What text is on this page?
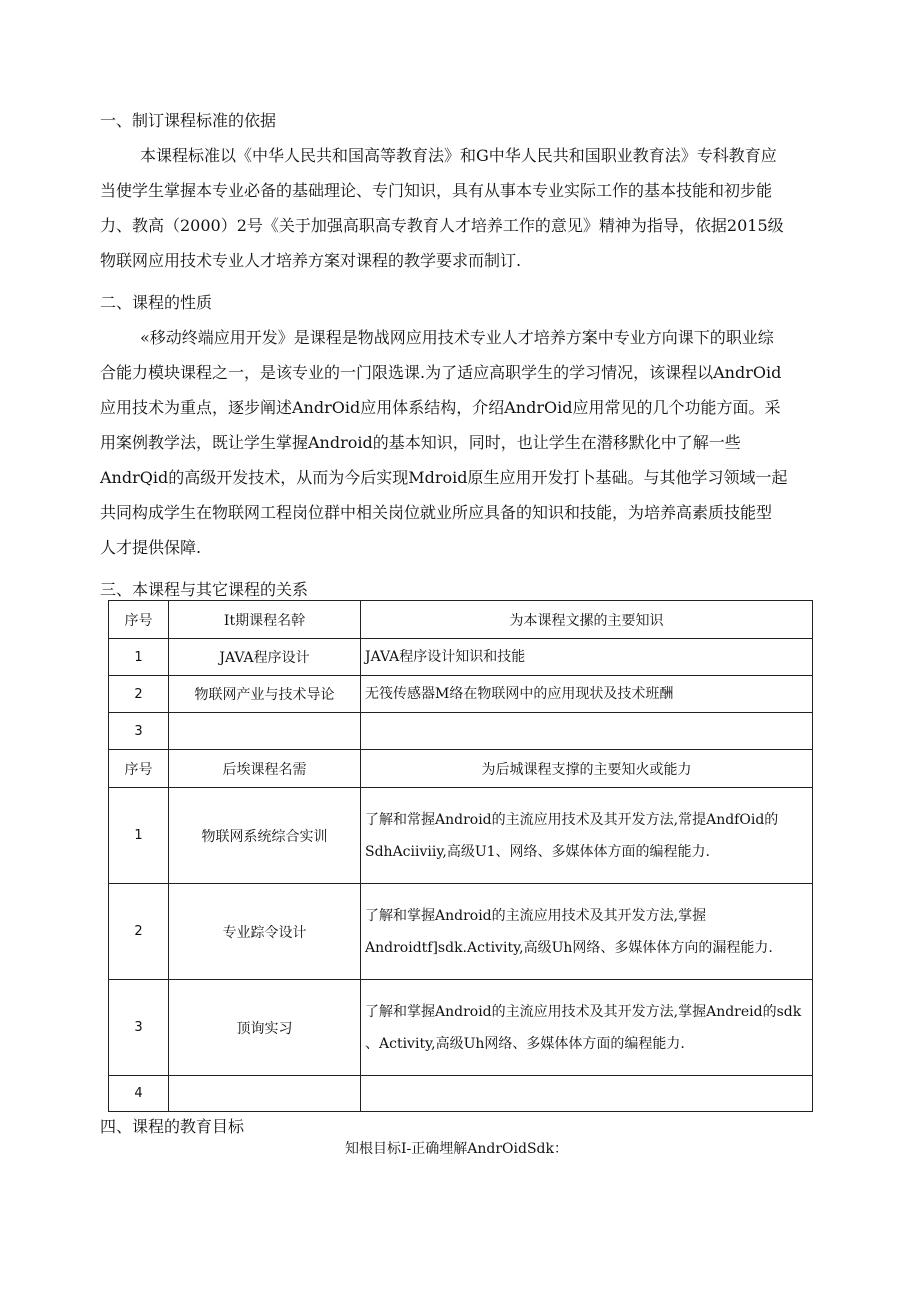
一、制订课程标准的依据
本课程标准以《中华人民共和国高等教育法》和G中华人民共和国职业教育法》专科教育应
当使学生掌握本专业必备的基础理论、专门知识，具有从事本专业实际工作的基本技能和初步能
力、教高（2000）2号《关于加强高职高专教育人才培养工作的意见》精神为指导，依据2015级
物联网应用技术专业人才培养方案对课程的教学要求而制订.
二、课程的性质
«移动终端应用开发》是课程是物战网应用技术专业人才培养方案中专业方向课下的职业综
合能力模块课程之一，是该专业的一门限选课.为了适应高职学生的学习情况，该课程以AndrOid
应用技术为重点，逐步阐述AndrOid应用体系结构，介绍AndrOid应用常见的几个功能方面。采
用案例教学法，既让学生掌握Android的基本知识，同时，也让学生在潜移默化中了解一些
AndrQid的高级开发技术，从而为今后实现Mdroid原生应用开发打卜基础。与其他学习领域一起
共同构成学生在物联网工程岗位群中相关岗位就业所应具备的知识和技能，为培养高素质技能型
人才提供保障.
三、本课程与其它课程的关系
序号	It期课程名幹	为本课程文摞的主要知识
1	JAVA程序设计	JAVA程序设计知识和技能
2	物联网产业与技术导论	无筏传感器M络在物联网中的应用现状及技术班酬
3		
序号	后埃课程名需	为后城课程支撑的主要知火或能力
1	物联网系统综合实训	了解和常握Android的主流应用技术及其开发方法,常提AndfOid的
SdhAciiviiy,高级U1、网络、多媒体体方面的编程能力.

2	专业踪令设计	了解和掌握Android的主流应用技术及其开发方法,掌握
Androidtf]sdk.Activity,高级Uh网络、多媒体体方向的漏程能力.

3	顶询实习	了解和掌握Android的主流应用技术及其开发方法,掌握Andreid的sdk
、Activity,高级Uh网络、多媒体体方面的编程能力.

4		
四、课程的教育目标
知根目标I-正确埋解AndrOidSdk：
